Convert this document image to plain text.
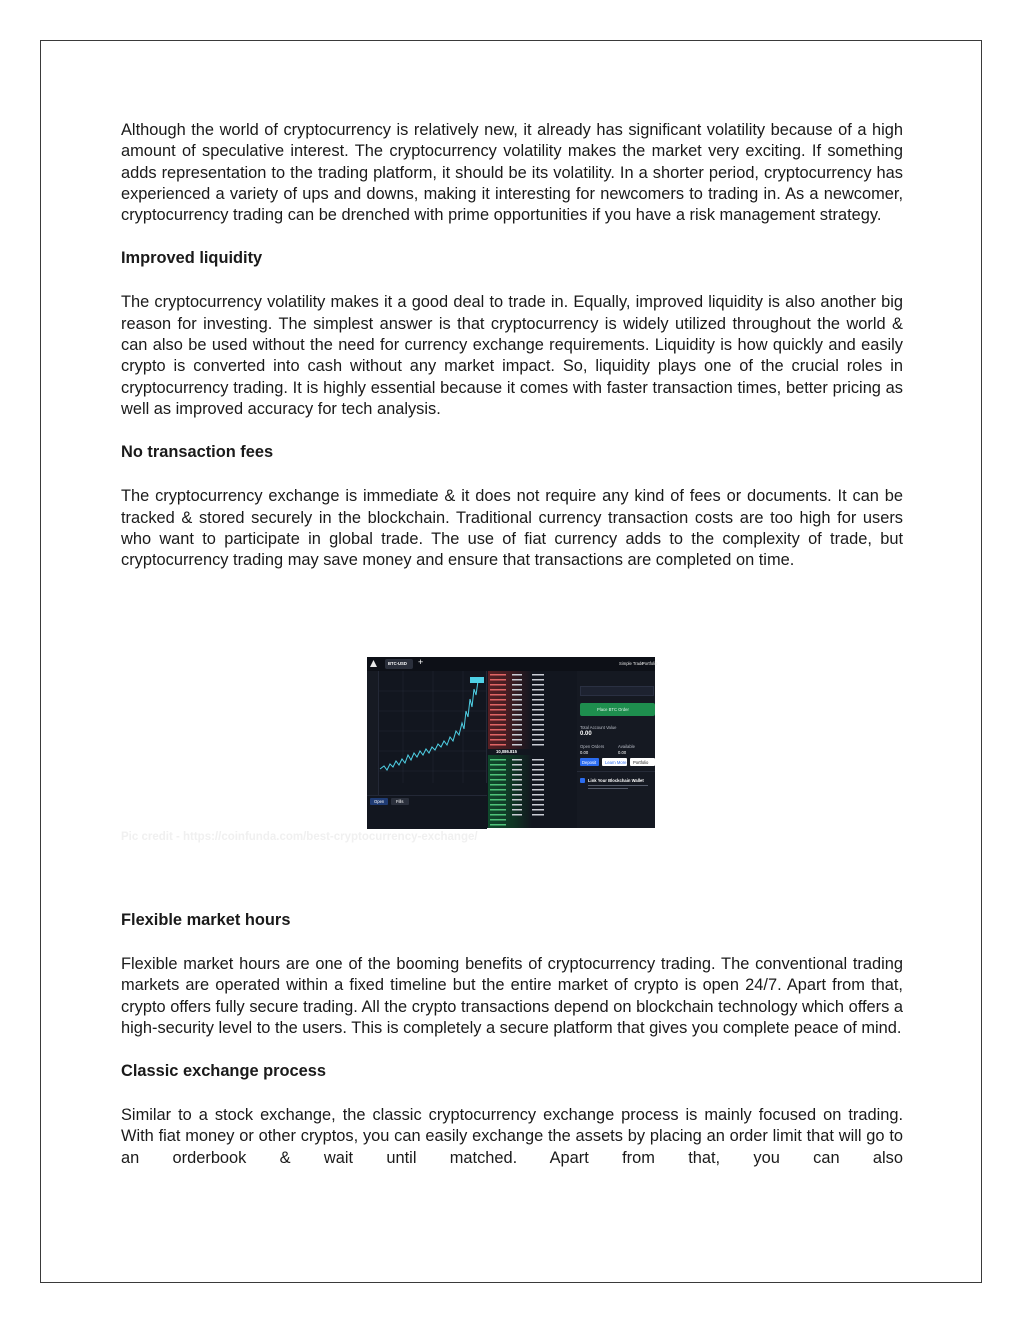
Although the world of cryptocurrency is relatively new, it already has significant volatility because of a high amount of speculative interest. The cryptocurrency volatility makes the market very exciting. If something adds representation to the trading platform, it should be its volatility. In a shorter period, cryptocurrency has experienced a variety of ups and downs, making it interesting for newcomers to trading in. As a newcomer, cryptocurrency trading can be drenched with prime opportunities if you have a risk management strategy.

Improved liquidity

The cryptocurrency volatility makes it a good deal to trade in. Equally, improved liquidity is also another big reason for investing. The simplest answer is that cryptocurrency is widely utilized throughout the world & can also be used without the need for currency exchange requirements. Liquidity is how quickly and easily crypto is converted into cash without any market impact. So, liquidity plays one of the crucial roles in cryptocurrency trading. It is highly essential because it comes with faster transaction times, better pricing as well as improved accuracy for tech analysis.

No transaction fees

The cryptocurrency exchange is immediate & it does not require any kind of fees or documents. It can be tracked & stored securely in the blockchain. Traditional currency transaction costs are too high for users who want to participate in global trade. The use of fiat currency adds to the complexity of trade, but cryptocurrency trading may save money and ensure that transactions are completed on time.

BTC-USD +	Simple Trade
Portfolio
10,086.815
Open	Fills
Place BTC Order
Total Account Value
0.00
Open Orders	Available
0.00	0.00
Deposit Learn More Portfolio
Link Your Blockchain Wallet
Pic credit - https://coinfunda.com/best-cryptocurrency-exchange/
Flexible market hours

Flexible market hours are one of the booming benefits of cryptocurrency trading. The conventional trading markets are operated within a fixed timeline but the entire market of crypto is open 24/7. Apart from that, crypto offers fully secure trading. All the crypto transactions depend on blockchain technology which offers a high-security level to the users. This is completely a secure platform that gives you complete peace of mind.

Classic exchange process

Similar to a stock exchange, the classic cryptocurrency exchange process is mainly focused on trading. With fiat money or other cryptos, you can easily exchange the assets by placing an order limit that will go to an orderbook & wait until matched. Apart from that, you can also
